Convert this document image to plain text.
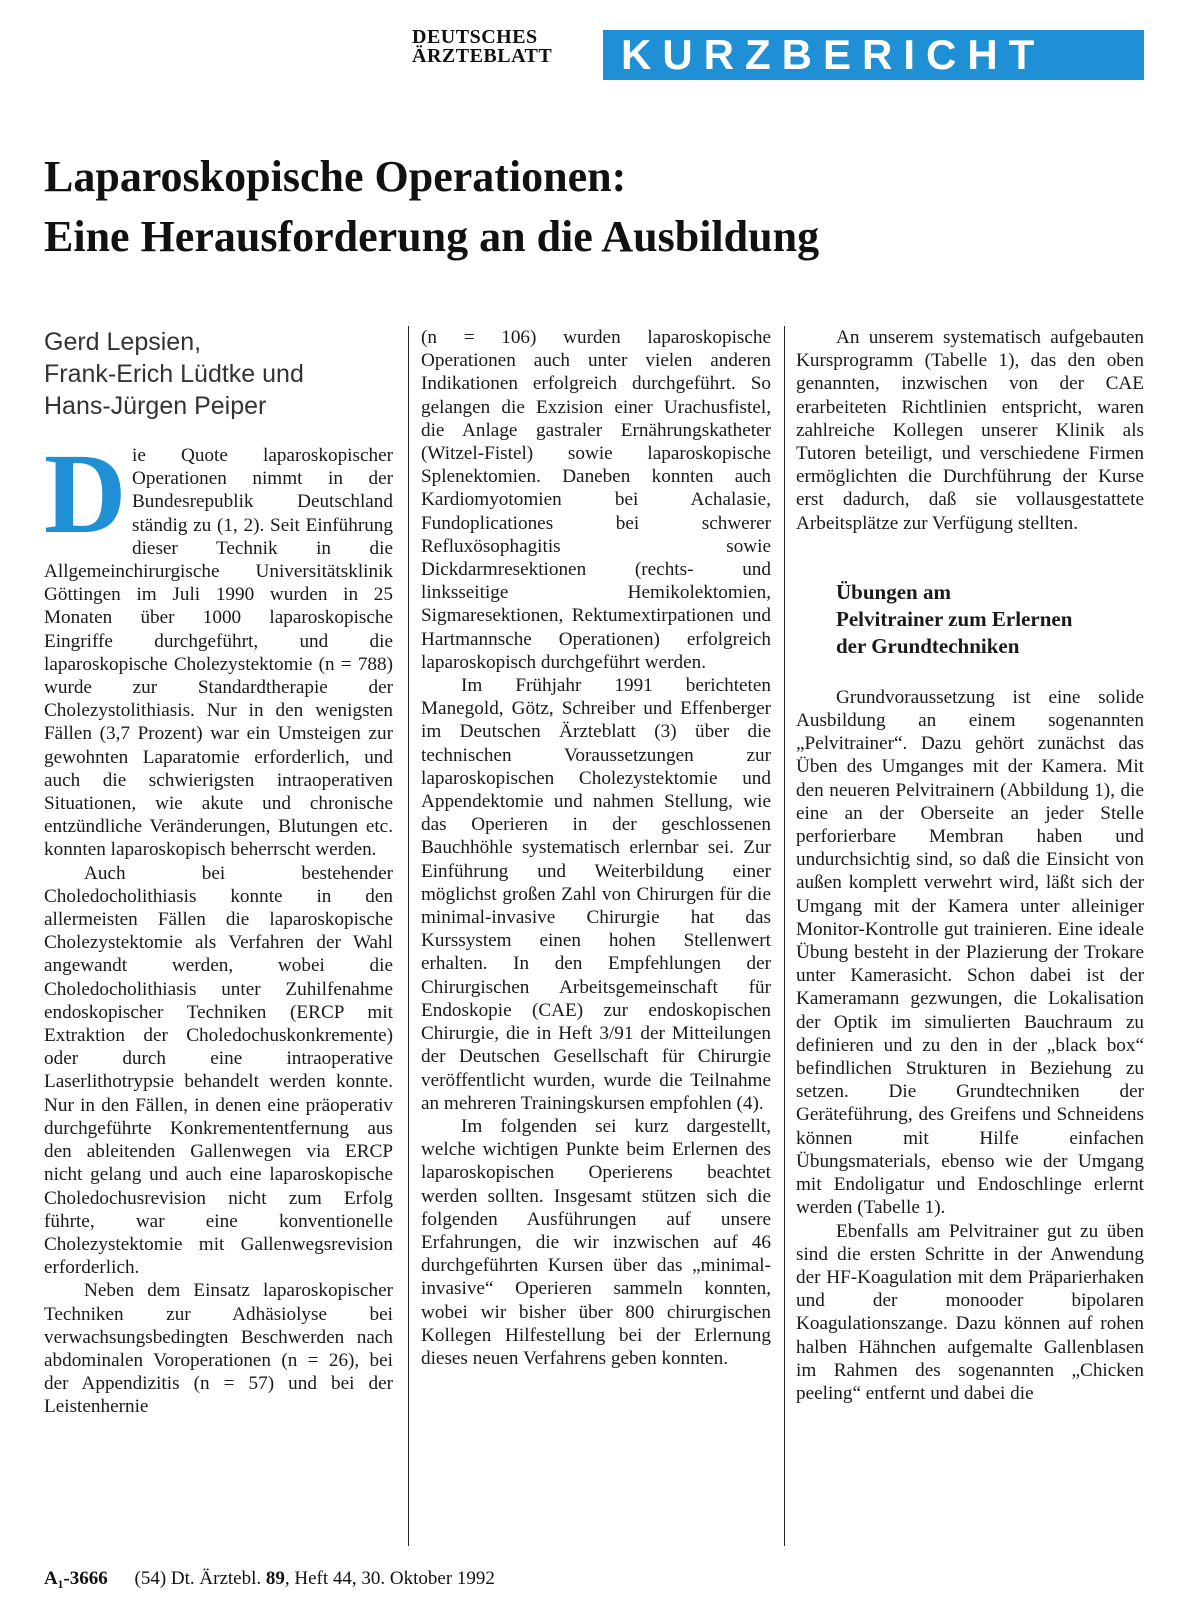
DEUTSCHES
ÄRZTEBLATT	KURZBERICHT
Laparoskopische Operationen:
Eine Herausforderung an die Ausbildung
Gerd Lepsien,
Frank-Erich Lüdtke und
Hans-Jürgen Peiper
D ie Quote laparoskopischer Operationen nimmt in der Bundesrepublik Deutschland ständig zu (1, 2). Seit Einführung dieser Technik in die Allgemeinchirurgische Universitätsklinik Göttingen im Juli 1990 wurden in 25 Monaten über 1000 laparoskopische Eingriffe durchgeführt, und die laparoskopische Cholezystektomie (n = 788) wurde zur Standardtherapie der Cholezystolithiasis. Nur in den wenigsten Fällen (3,7 Prozent) war ein Umsteigen zur gewohnten Laparatomie erforderlich, und auch die schwierigsten intraoperativen Situationen, wie akute und chronische entzündliche Veränderungen, Blutungen etc. konnten laparoskopisch beherrscht werden.

Auch bei bestehender Choledocholithiasis konnte in den allermeisten Fällen die laparoskopische Cholezystektomie als Verfahren der Wahl angewandt werden, wobei die Choledocholithiasis unter Zuhilfenahme endoskopischer Techniken (ERCP mit Extraktion der Choledochuskonkremente) oder durch eine intraoperative Laserlithotrypsie behandelt werden konnte. Nur in den Fällen, in denen eine präoperativ durchgeführte Konkremententfernung aus den ableitenden Gallenwegen via ERCP nicht gelang und auch eine laparoskopische Choledochusrevision nicht zum Erfolg führte, war eine konventionelle Cholezystektomie mit Gallenwegsrevision erforderlich.

Neben dem Einsatz laparoskopischer Techniken zur Adhäsiolyse bei verwachsungsbedingten Beschwerden nach abdominalen Voroperationen (n = 26), bei der Appendizitis (n = 57) und bei der Leistenhernie

(n = 106) wurden laparoskopische Operationen auch unter vielen anderen Indikationen erfolgreich durchgeführt. So gelangen die Exzision einer Urachusfistel, die Anlage gastraler Ernährungskatheter (Witzel-Fistel) sowie laparoskopische Splenektomien. Daneben konnten auch Kardiomyotomien bei Achalasie, Fundoplicationes bei schwerer Refluxösophagitis sowie Dickdarmresektionen (rechts- und linksseitige Hemikolektomien, Sigmaresektionen, Rektumextirpationen und Hartmannsche Operationen) erfolgreich laparoskopisch durchgeführt werden.

Im Frühjahr 1991 berichteten Manegold, Götz, Schreiber und Effenberger im Deutschen Ärzteblatt (3) über die technischen Voraussetzungen zur laparoskopischen Cholezystektomie und Appendektomie und nahmen Stellung, wie das Operieren in der geschlossenen Bauchhöhle systematisch erlernbar sei. Zur Einführung und Weiterbildung einer möglichst großen Zahl von Chirurgen für die minimal-invasive Chirurgie hat das Kurssystem einen hohen Stellenwert erhalten. In den Empfehlungen der Chirurgischen Arbeitsgemeinschaft für Endoskopie (CAE) zur endoskopischen Chirurgie, die in Heft 3/91 der Mitteilungen der Deutschen Gesellschaft für Chirurgie veröffentlicht wurden, wurde die Teilnahme an mehreren Trainingskursen empfohlen (4).

Im folgenden sei kurz dargestellt, welche wichtigen Punkte beim Erlernen des laparoskopischen Operierens beachtet werden sollten. Insgesamt stützen sich die folgenden Ausführungen auf unsere Erfahrungen, die wir inzwischen auf 46 durchgeführten Kursen über das „minimal-invasive“ Operieren sammeln konnten, wobei wir bisher über 800 chirurgischen Kollegen Hilfestellung bei der Erlernung dieses neuen Verfahrens geben konnten.

An unserem systematisch aufgebauten Kursprogramm (Tabelle 1), das den oben genannten, inzwischen von der CAE erarbeiteten Richtlinien entspricht, waren zahlreiche Kollegen unserer Klinik als Tutoren beteiligt, und verschiedene Firmen ermöglichten die Durchführung der Kurse erst dadurch, daß sie vollausgestattete Arbeitsplätze zur Verfügung stellten.

Übungen am
Pelvitrainer zum Erlernen
der Grundtechniken

Grundvoraussetzung ist eine solide Ausbildung an einem sogenannten „Pelvitrainer“. Dazu gehört zunächst das Üben des Umganges mit der Kamera. Mit den neueren Pelvitrainern (Abbildung 1), die eine an der Oberseite an jeder Stelle perforierbare Membran haben und undurchsichtig sind, so daß die Einsicht von außen komplett verwehrt wird, läßt sich der Umgang mit der Kamera unter alleiniger Monitor-Kontrolle gut trainieren. Eine ideale Übung besteht in der Plazierung der Trokare unter Kamerasicht. Schon dabei ist der Kameramann gezwungen, die Lokalisation der Optik im simulierten Bauchraum zu definieren und zu den in der „black box“ befindlichen Strukturen in Beziehung zu setzen. Die Grundtechniken der Geräteführung, des Greifens und Schneidens können mit Hilfe einfachen Übungsmaterials, ebenso wie der Umgang mit Endoligatur und Endoschlinge erlernt werden (Tabelle 1).

Ebenfalls am Pelvitrainer gut zu üben sind die ersten Schritte in der Anwendung der HF-Koagulation mit dem Präparierhaken und der monooder bipolaren Koagulationszange. Dazu können auf rohen halben Hähnchen aufgemalte Gallenblasen im Rahmen des sogenannten „Chicken peeling“ entfernt und dabei die

A₁-3666 (54) Dt. Ärztebl. 89, Heft 44, 30. Oktober 1992
